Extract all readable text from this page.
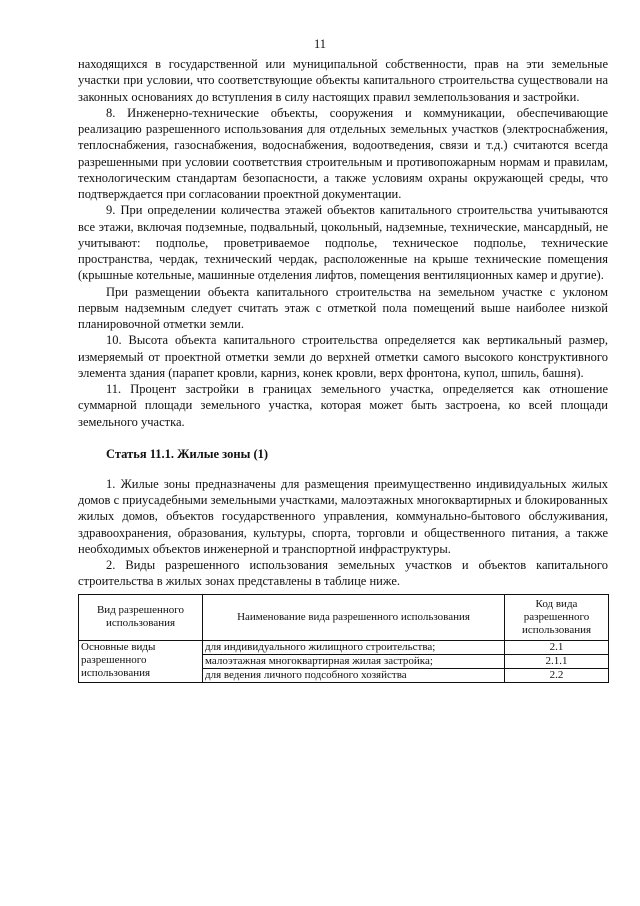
11

находящихся в государственной или муниципальной собственности, прав на эти земельные участки при условии, что соответствующие объекты капитального строительства существовали на законных основаниях до вступления в силу настоящих правил землепользования и застройки.

8. Инженерно-технические объекты, сооружения и коммуникации, обеспечивающие реализацию разрешенного использования для отдельных земельных участков (электроснабжения, теплоснабжения, газоснабжения, водоснабжения, водоотведения, связи и т.д.) считаются всегда разрешенными при условии соответствия строительным и противопожарным нормам и правилам, технологическим стандартам безопасности, а также условиям охраны окружающей среды, что подтверждается при согласовании проектной документации.

9. При определении количества этажей объектов капитального строительства учитываются все этажи, включая подземные, подвальный, цокольный, надземные, технические, мансардный, не учитывают: подполье, проветриваемое подполье, техническое подполье, технические пространства, чердак, технический чердак, расположенные на крыше технические помещения (крышные котельные, машинные отделения лифтов, помещения вентиляционных камер и другие).

При размещении объекта капитального строительства на земельном участке с уклоном первым надземным следует считать этаж с отметкой пола помещений выше наиболее низкой планировочной отметки земли.

10. Высота объекта капитального строительства определяется как вертикальный размер, измеряемый от проектной отметки земли до верхней отметки самого высокого конструктивного элемента здания (парапет кровли, карниз, конек кровли, верх фронтона, купол, шпиль, башня).

11. Процент застройки в границах земельного участка, определяется как отношение суммарной площади земельного участка, которая может быть застроена, ко всей площади земельного участка.

Статья 11.1. Жилые зоны (1)

1. Жилые зоны предназначены для размещения преимущественно индивидуальных жилых домов с приусадебными земельными участками, малоэтажных многоквартирных и блокированных жилых домов, объектов государственного управления, коммунально-бытового обслуживания, здравоохранения, образования, культуры, спорта, торговли и общественного питания, а также необходимых объектов инженерной и транспортной инфраструктуры.

2. Виды разрешенного использования земельных участков и объектов капитального строительства в жилых зонах представлены в таблице ниже.

Вид разрешенного использования	Наименование вида разрешенного использования	Код вида разрешенного использования
Основные виды разрешенного использования	для индивидуального жилищного строительства;	2.1
	малоэтажная многоквартирная жилая застройка;	2.1.1
	для ведения личного подсобного хозяйства	2.2
